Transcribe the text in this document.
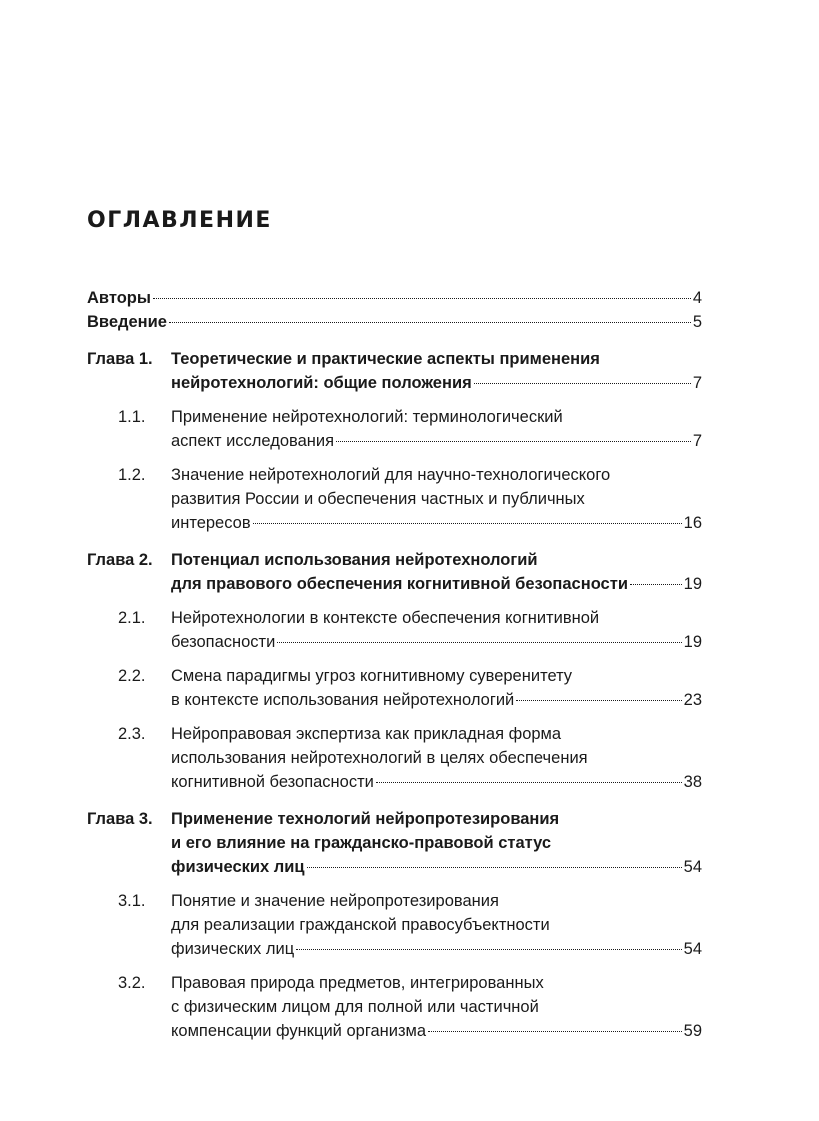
ОГЛАВЛЕНИЕ
Авторы	4
Введение	5
Глава 1. Теоретические и практические аспекты применения
нейротехнологий: общие положения	7
1.1. Применение нейротехнологий: терминологический
аспект исследования	7
1.2. Значение нейротехнологий для научно-технологического
развития России и обеспечения частных и публичных
интересов	16
Глава 2. Потенциал использования нейротехнологий
для правового обеспечения когнитивной безопасности	19
2.1. Нейротехнологии в контексте обеспечения когнитивной
безопасности	19
2.2. Смена парадигмы угроз когнитивному суверенитету
в контексте использования нейротехнологий	23
2.3. Нейроправовая экспертиза как прикладная форма
использования нейротехнологий в целях обеспечения
когнитивной безопасности	38
Глава 3. Применение технологий нейропротезирования
и его влияние на гражданско-правовой статус
физических лиц	54
3.1. Понятие и значение нейропротезирования
для реализации гражданской правосубъектности
физических лиц	54
3.2. Правовая природа предметов, интегрированных
с физическим лицом для полной или частичной
компенсации функций организма	59
